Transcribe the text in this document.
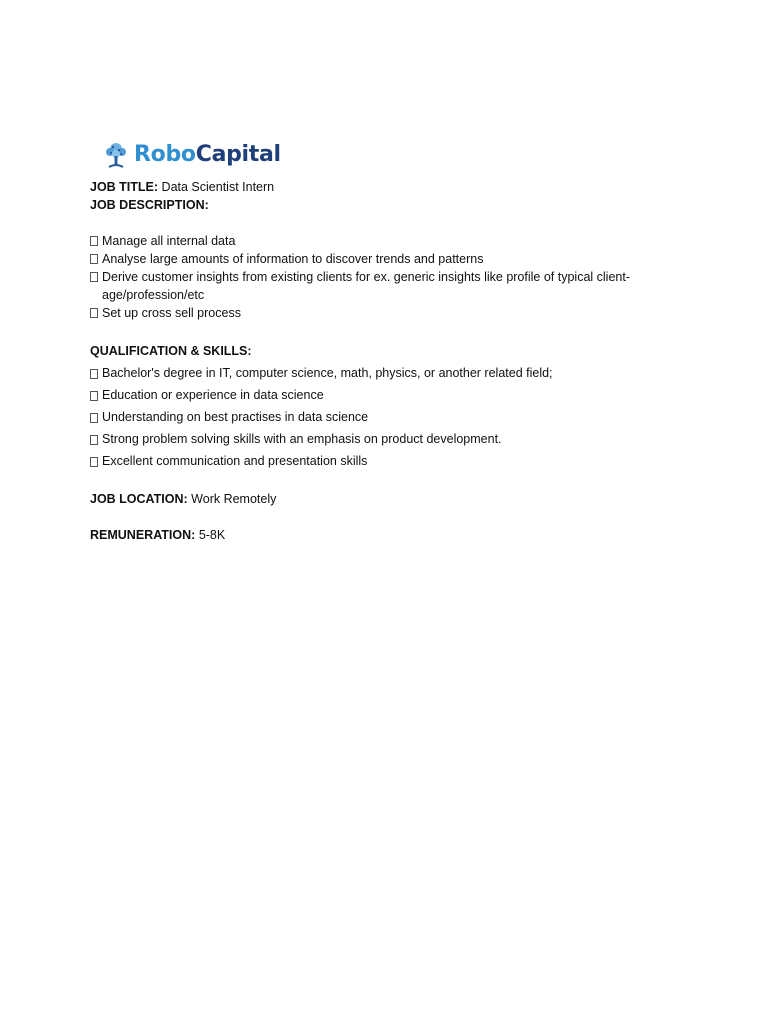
RoboCapital
JOB TITLE: Data Scientist Intern
JOB DESCRIPTION:
Manage all internal data
Analyse large amounts of information to discover trends and patterns
Derive customer insights from existing clients for ex. generic insights like profile of typical client-age/profession/etc
Set up cross sell process
QUALIFICATION & SKILLS:
Bachelor's degree in IT, computer science, math, physics, or another related field;
Education or experience in data science
Understanding on best practises in data science
Strong problem solving skills with an emphasis on product development.
Excellent communication and presentation skills
JOB LOCATION: Work Remotely
REMUNERATION: 5-8K
